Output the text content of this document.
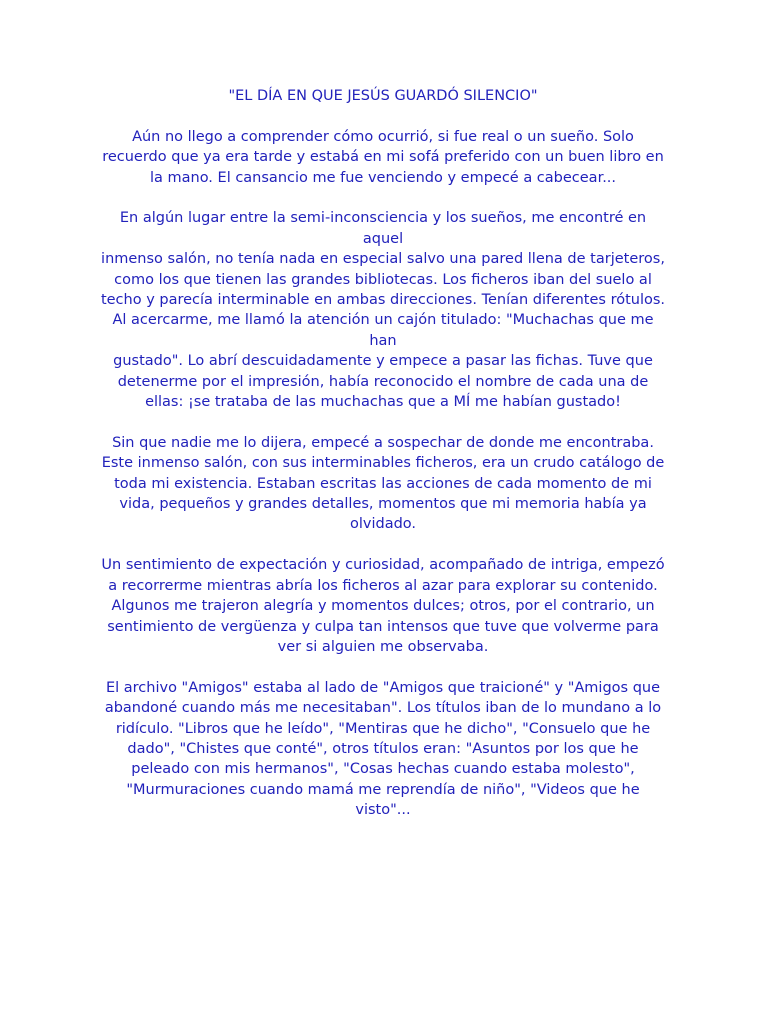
"EL DÍA EN QUE JESÚS GUARDÓ SILENCIO"
Aún no llego a comprender cómo ocurrió, si fue real o un sueño. Solo recuerdo que ya era tarde y estabá en mi sofá preferido con un buen libro en la mano. El cansancio me fue venciendo y empecé a cabecear...
En algún lugar entre la semi-inconsciencia y los sueños, me encontré en aquel
inmenso salón, no tenía nada en especial salvo una pared llena de tarjeteros, como los que tienen las grandes bibliotecas. Los ficheros iban del suelo al techo y parecía interminable en ambas direcciones. Tenían diferentes rótulos. Al acercarme, me llamó la atención un cajón titulado: "Muchachas que me han
gustado". Lo abrí descuidadamente y empece a pasar las fichas. Tuve que detenerme por el impresión, había reconocido el nombre de cada una de ellas: ¡se trataba de las muchachas que a MÍ me habían gustado!
Sin que nadie me lo dijera, empecé a sospechar de donde me encontraba. Este inmenso salón, con sus interminables ficheros, era un crudo catálogo de toda mi existencia. Estaban escritas las acciones de cada momento de mi vida, pequeños y grandes detalles, momentos que mi memoria había ya olvidado.
Un sentimiento de expectación y curiosidad, acompañado de intriga, empezó a recorrerme mientras abría los ficheros al azar para explorar su contenido.
Algunos me trajeron alegría y momentos dulces; otros, por el contrario, un sentimiento de vergüenza y culpa tan intensos que tuve que volverme para
ver si alguien me observaba.
El archivo "Amigos" estaba al lado de "Amigos que traicioné" y "Amigos que abandoné cuando más me necesitaban". Los títulos iban de lo mundano a lo ridículo. "Libros que he leído", "Mentiras que he dicho", "Consuelo que he dado", "Chistes que conté", otros títulos eran: "Asuntos por los que he peleado con mis hermanos", "Cosas hechas cuando estaba molesto", "Murmuraciones cuando mamá me reprendía de niño", "Videos que he visto"...
